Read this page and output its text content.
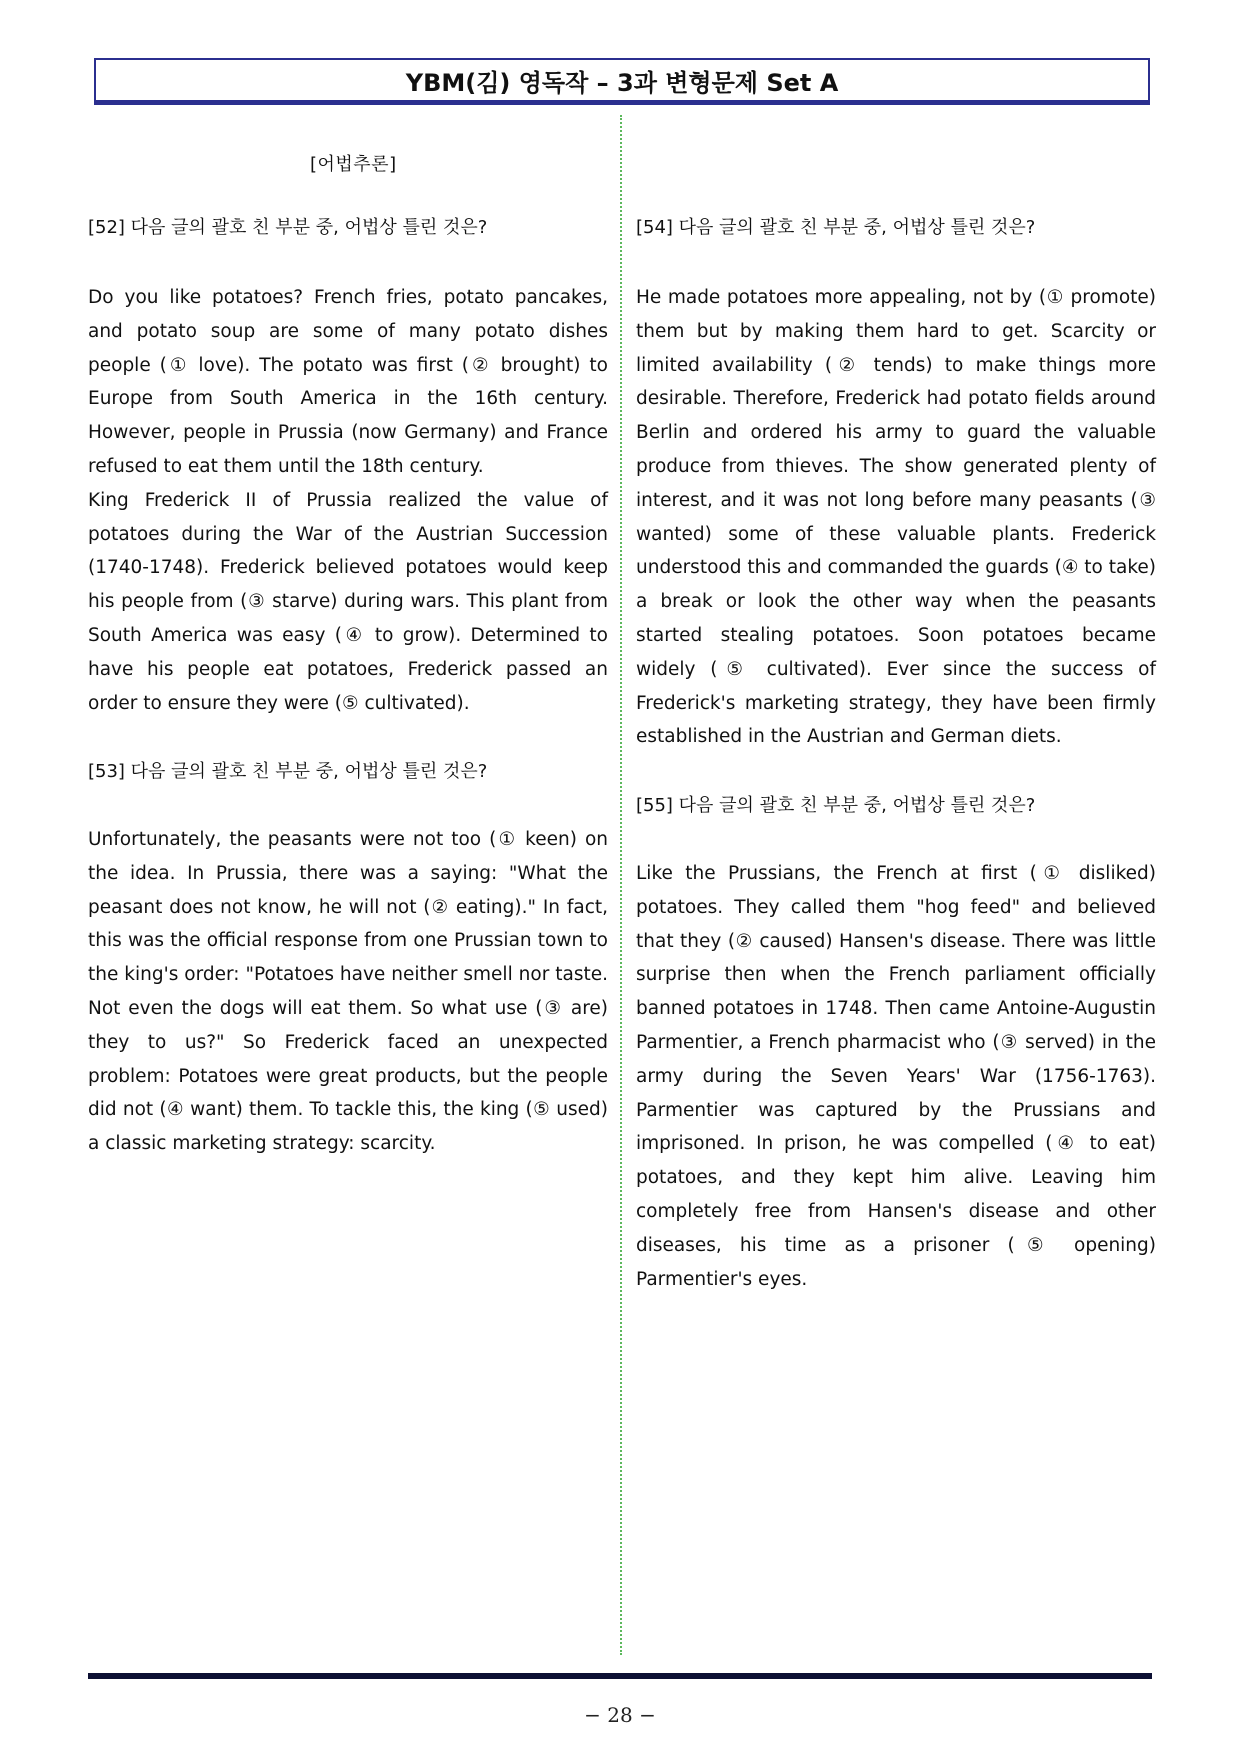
YBM(김) 영독작 – 3과 변형문제 Set A
[어법추론]
[52] 다음 글의 괄호 친 부분 중, 어법상 틀린 것은?

Do you like potatoes? French fries, potato pancakes, and potato soup are some of many potato dishes people (① love). The potato was first (② brought) to Europe from South America in the 16th century. However, people in Prussia (now Germany) and France refused to eat them until the 18th century.

King Frederick II of Prussia realized the value of potatoes during the War of the Austrian Succession (1740-1748). Frederick believed potatoes would keep his people from (③ starve) during wars. This plant from South America was easy (④ to grow). Determined to have his people eat potatoes, Frederick passed an order to ensure they were (⑤ cultivated).

[53] 다음 글의 괄호 친 부분 중, 어법상 틀린 것은?

Unfortunately, the peasants were not too (① keen) on the idea. In Prussia, there was a saying: "What the peasant does not know, he will not (② eating)." In fact, this was the official response from one Prussian town to the king's order: "Potatoes have neither smell nor taste. Not even the dogs will eat them. So what use (③ are) they to us?" So Frederick faced an unexpected problem: Potatoes were great products, but the people did not (④ want) them. To tackle this, the king (⑤ used) a classic marketing strategy: scarcity.

[54] 다음 글의 괄호 친 부분 중, 어법상 틀린 것은?

He made potatoes more appealing, not by (① promote) them but by making them hard to get. Scarcity or limited availability (② tends) to make things more desirable. Therefore, Frederick had potato fields around Berlin and ordered his army to guard the valuable produce from thieves. The show generated plenty of interest, and it was not long before many peasants (③ wanted) some of these valuable plants. Frederick understood this and commanded the guards (④ to take) a break or look the other way when the peasants started stealing potatoes. Soon potatoes became widely (⑤ cultivated). Ever since the success of Frederick's marketing strategy, they have been firmly established in the Austrian and German diets.

[55] 다음 글의 괄호 친 부분 중, 어법상 틀린 것은?

Like the Prussians, the French at first (① disliked) potatoes. They called them "hog feed" and believed that they (② caused) Hansen's disease. There was little surprise then when the French parliament officially banned potatoes in 1748. Then came Antoine-Augustin Parmentier, a French pharmacist who (③ served) in the army during the Seven Years' War (1756-1763). Parmentier was captured by the Prussians and imprisoned. In prison, he was compelled (④ to eat) potatoes, and they kept him alive. Leaving him completely free from Hansen's disease and other diseases, his time as a prisoner (⑤ opening) Parmentier's eyes.

− 28 −
